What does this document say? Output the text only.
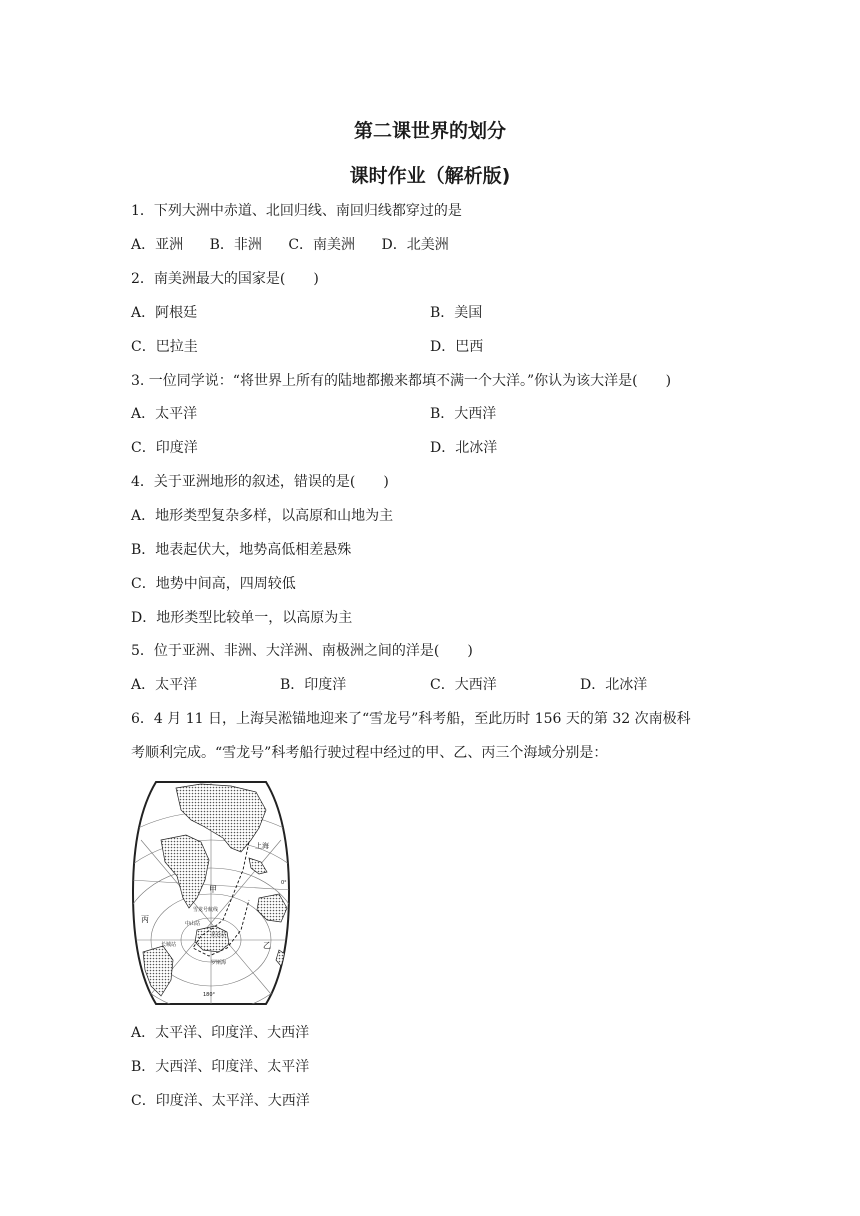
第二课世界的划分
课时作业（解析版)
1．下列大洲中赤道、北回归线、南回归线都穿过的是
A．亚洲 B．非洲 C．南美洲 D．北美洲
2．南美洲最大的国家是(　　)
A．阿根廷	B．美国
C．巴拉圭	D．巴西
3. 一位同学说：“将世界上所有的陆地都搬来都填不满一个大洋。”你认为该大洋是(　　)
A．太平洋	B．大西洋
C．印度洋	D．北冰洋
4．关于亚洲地形的叙述，错误的是(　　)
A．地形类型复杂多样，以高原和山地为主
B．地表起伏大，地势高低相差悬殊
C．地势中间高，四周较低
D．地形类型比较单一，以高原为主
5．位于亚洲、非洲、大洋洲、南极洲之间的洋是(　　)
A．太平洋	B．印度洋	C．大西洋	D．北冰洋
6．4 月 11 日，上海吴淞锚地迎来了“雪龙号”科考船，至此历时 156 天的第 32 次南极科
考顺利完成。“雪龙号”科考船行驶过程中经过的甲、乙、丙三个海域分别是：
上海
甲
丙
乙
雪龙号航线
中山站
昆仑站
长城站
罗斯海
0°
180°
A．太平洋、印度洋、大西洋
B．大西洋、印度洋、太平洋
C．印度洋、太平洋、大西洋
